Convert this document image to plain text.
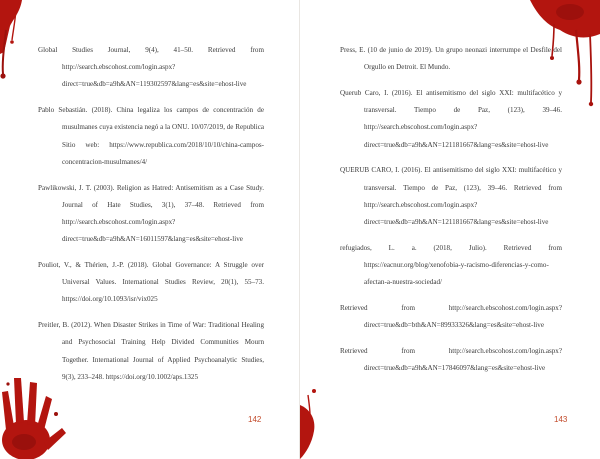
Global Studies Journal, 9(4), 41–50. Retrieved from http://search.ebscohost.com/login.aspx?direct=true&db=a9h&AN=119302597&lang=es&site=ehost-live
Pablo Sebastián. (2018). China legaliza los campos de concentración de musulmanes cuya existencia negó a la ONU. 10/07/2019, de Republica Sitio web: https://www.republica.com/2018/10/10/china-campos-concentracion-musulmanes/4/
Pawlikowski, J. T. (2003). Religion as Hatred: Antisemitism as a Case Study. Journal of Hate Studies, 3(1), 37–48. Retrieved from http://search.ebscohost.com/login.aspx?direct=true&db=a9h&AN=16011597&lang=es&site=ehost-live
Pouliot, V., & Thérien, J.-P. (2018). Global Governance: A Struggle over Universal Values. International Studies Review, 20(1), 55–73. https://doi.org/10.1093/isr/vix025
Preitler, B. (2012). When Disaster Strikes in Time of War: Traditional Healing and Psychosocial Training Help Divided Communities Mourn Together. International Journal of Applied Psychoanalytic Studies, 9(3), 233–248. https://doi.org/10.1002/aps.1325
142
Press, E. (10 de junio de 2019). Un grupo neonazi interrumpe el Desfile del Orgullo en Detroit. El Mundo.
Querub Caro, I. (2016). El antisemitismo del siglo XXI: multifacético y transversal. Tiempo de Paz, (123), 39–46. http://search.ebscohost.com/login.aspx?direct=true&db=a9h&AN=121181667&lang=es&site=ehost-live
QUERUB CARO, I. (2016). El antisemitismo del siglo XXI: multifacético y transversal. Tiempo de Paz, (123), 39–46. Retrieved from http://search.ebscohost.com/login.aspx?direct=true&db=a9h&AN=121181667&lang=es&site=ehost-live
refugiados, L. a. (2018, Julio). Retrieved from https://eacnur.org/blog/xenofobia-y-racismo-diferencias-y-como-afectan-a-nuestra-sociedad/
Retrieved from http://search.ebscohost.com/login.aspx?direct=true&db=bth&AN=89933326&lang=es&site=ehost-live
Retrieved from http://search.ebscohost.com/login.aspx?direct=true&db=a9h&AN=17846097&lang=es&site=ehost-live
143
